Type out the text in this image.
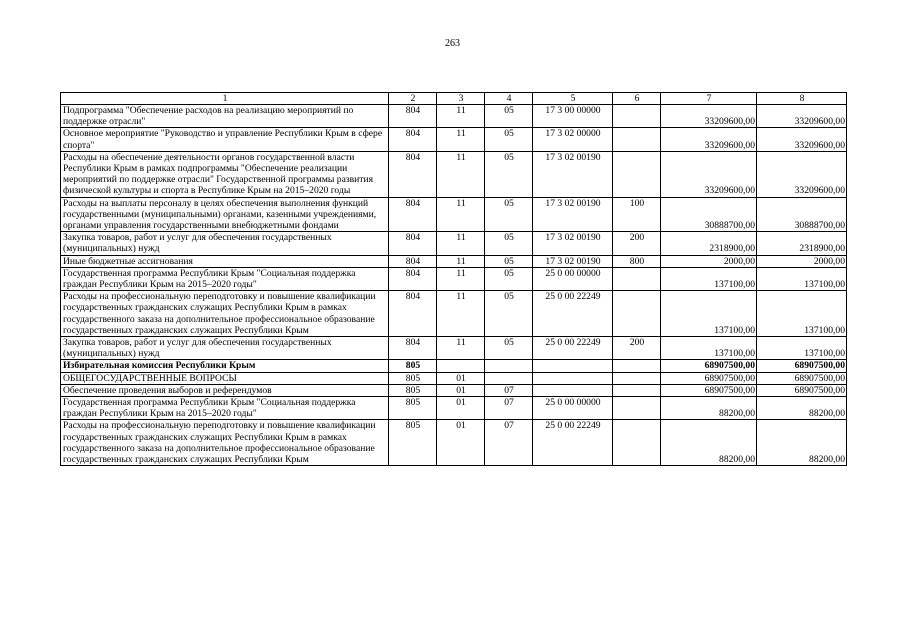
263
1	2	3	4	5	6	7	8
Подпрограмма "Обеспечение расходов на реализацию мероприятий по поддержке отрасли"	804	11	05	17 3 00 00000		33209600,00	33209600,00
Основное мероприятие "Руководство и управление Республики Крым в сфере спорта"	804	11	05	17 3 02 00000		33209600,00	33209600,00
Расходы на обеспечение деятельности органов государственной власти Республики Крым в рамках подпрограммы "Обеспечение реализации мероприятий по поддержке отрасли" Государственной программы развития физической культуры и спорта в Республике Крым на 2015–2020 годы	804	11	05	17 3 02 00190		33209600,00	33209600,00
Расходы на выплаты персоналу в целях обеспечения выполнения функций государственными (муниципальными) органами, казенными учреждениями, органами управления государственными внебюджетными фондами	804	11	05	17 3 02 00190	100	30888700,00	30888700,00
Закупка товаров, работ и услуг для обеспечения государственных (муниципальных) нужд	804	11	05	17 3 02 00190	200	2318900,00	2318900,00
Иные бюджетные ассигнования	804	11	05	17 3 02 00190	800	2000,00	2000,00
Государственная программа Республики Крым "Социальная поддержка граждан Республики Крым на 2015–2020 годы"	804	11	05	25 0 00 00000		137100,00	137100,00
Расходы на профессиональную переподготовку и повышение квалификации государственных гражданских служащих Республики Крым в рамках государственного заказа на дополнительное профессиональное образование государственных гражданских служащих Республики Крым	804	11	05	25 0 00 22249		137100,00	137100,00
Закупка товаров, работ и услуг для обеспечения государственных (муниципальных) нужд	804	11	05	25 0 00 22249	200	137100,00	137100,00
Избирательная комиссия Республики Крым	805					68907500,00	68907500,00
ОБЩЕГОСУДАРСТВЕННЫЕ ВОПРОСЫ	805	01				68907500,00	68907500,00
Обеспечение проведения выборов и референдумов	805	01	07			68907500,00	68907500,00
Государственная программа Республики Крым "Социальная поддержка граждан Республики Крым на 2015–2020 годы"	805	01	07	25 0 00 00000		88200,00	88200,00
Расходы на профессиональную переподготовку и повышение квалификации государственных гражданских служащих Республики Крым в рамках государственного заказа на дополнительное профессиональное образование государственных гражданских служащих Республики Крым	805	01	07	25 0 00 22249		88200,00	88200,00
